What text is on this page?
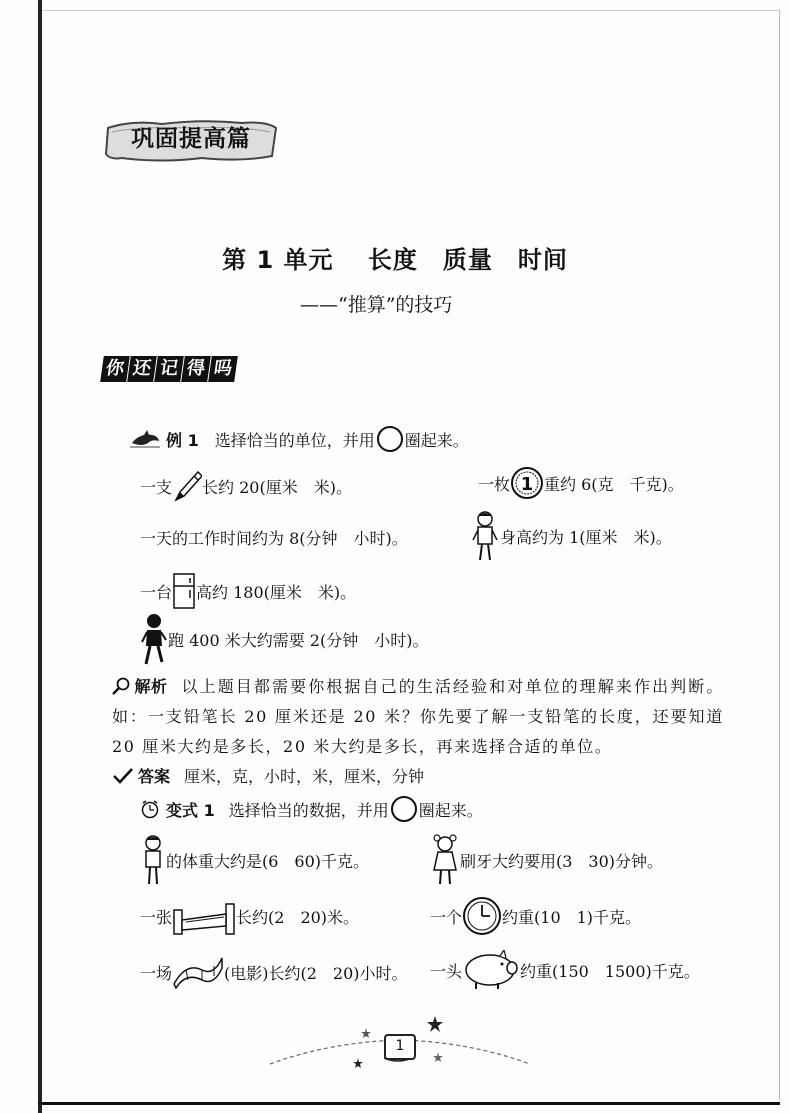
巩固提高篇
第 1 单元　 长度　质量　时间
——“推算”的技巧
你 还 记 得 吗
例 1 选择恰当的单位，并用 圈起来。
一支 长约 20(厘米　米)。	一枚 1 重约 6(克　千克)。
一天的工作时间约为 8(分钟　小时)。	身高约为 1(厘米　米)。
一台 高约 180(厘米　米)。
跑 400 米大约需要 2(分钟　小时)。
解析 以上题目都需要你根据自己的生活经验和对单位的理解来作出判断。如：一支铅笔长 20 厘米还是 20 米？你先要了解一支铅笔的长度，还要知道 20 厘米大约是多长，20 米大约是多长，再来选择合适的单位。
答案 厘米，克，小时，米，厘米，分钟
变式 1 选择恰当的数据，并用 圈起来。
的体重大约是(6　60)千克。	刷牙大约要用(3　30)分钟。
一张	长约(2　20)米。	一个	约重(10　1)千克。
一场	(电影)长约(2　20)小时。 一头	约重(150　1500)千克。
1
